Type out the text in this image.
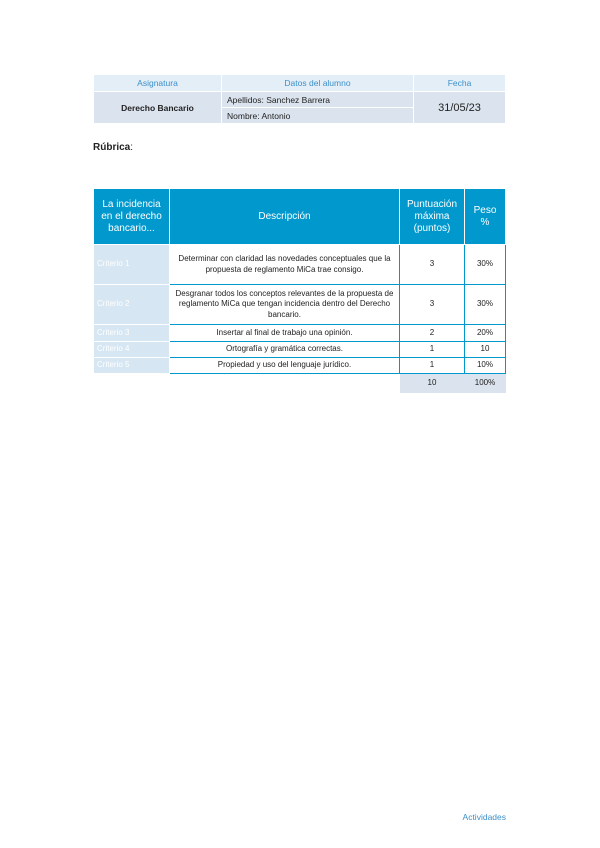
Asignatura	Datos del alumno	Fecha
Derecho Bancario	Apellidos: Sanchez Barrera	31/05/23
	Nombre: Antonio	
Rúbrica:
La incidencia en el derecho bancario...	Descripción	Puntuación máxima (puntos)	Peso %
Criterio 1	Determinar con claridad las novedades conceptuales que la propuesta de reglamento MiCa trae consigo.	3	30%
Criterio 2	Desgranar todos los conceptos relevantes de la propuesta de reglamento MiCa que tengan incidencia dentro del Derecho bancario.	3	30%
Criterio 3	Insertar al final de trabajo una opinión.	2	20%
Criterio 4	Ortografía y gramática correctas.	1	10
Criterio 5	Propiedad y uso del lenguaje jurídico.	1	10%
		10	100%
Actividades
